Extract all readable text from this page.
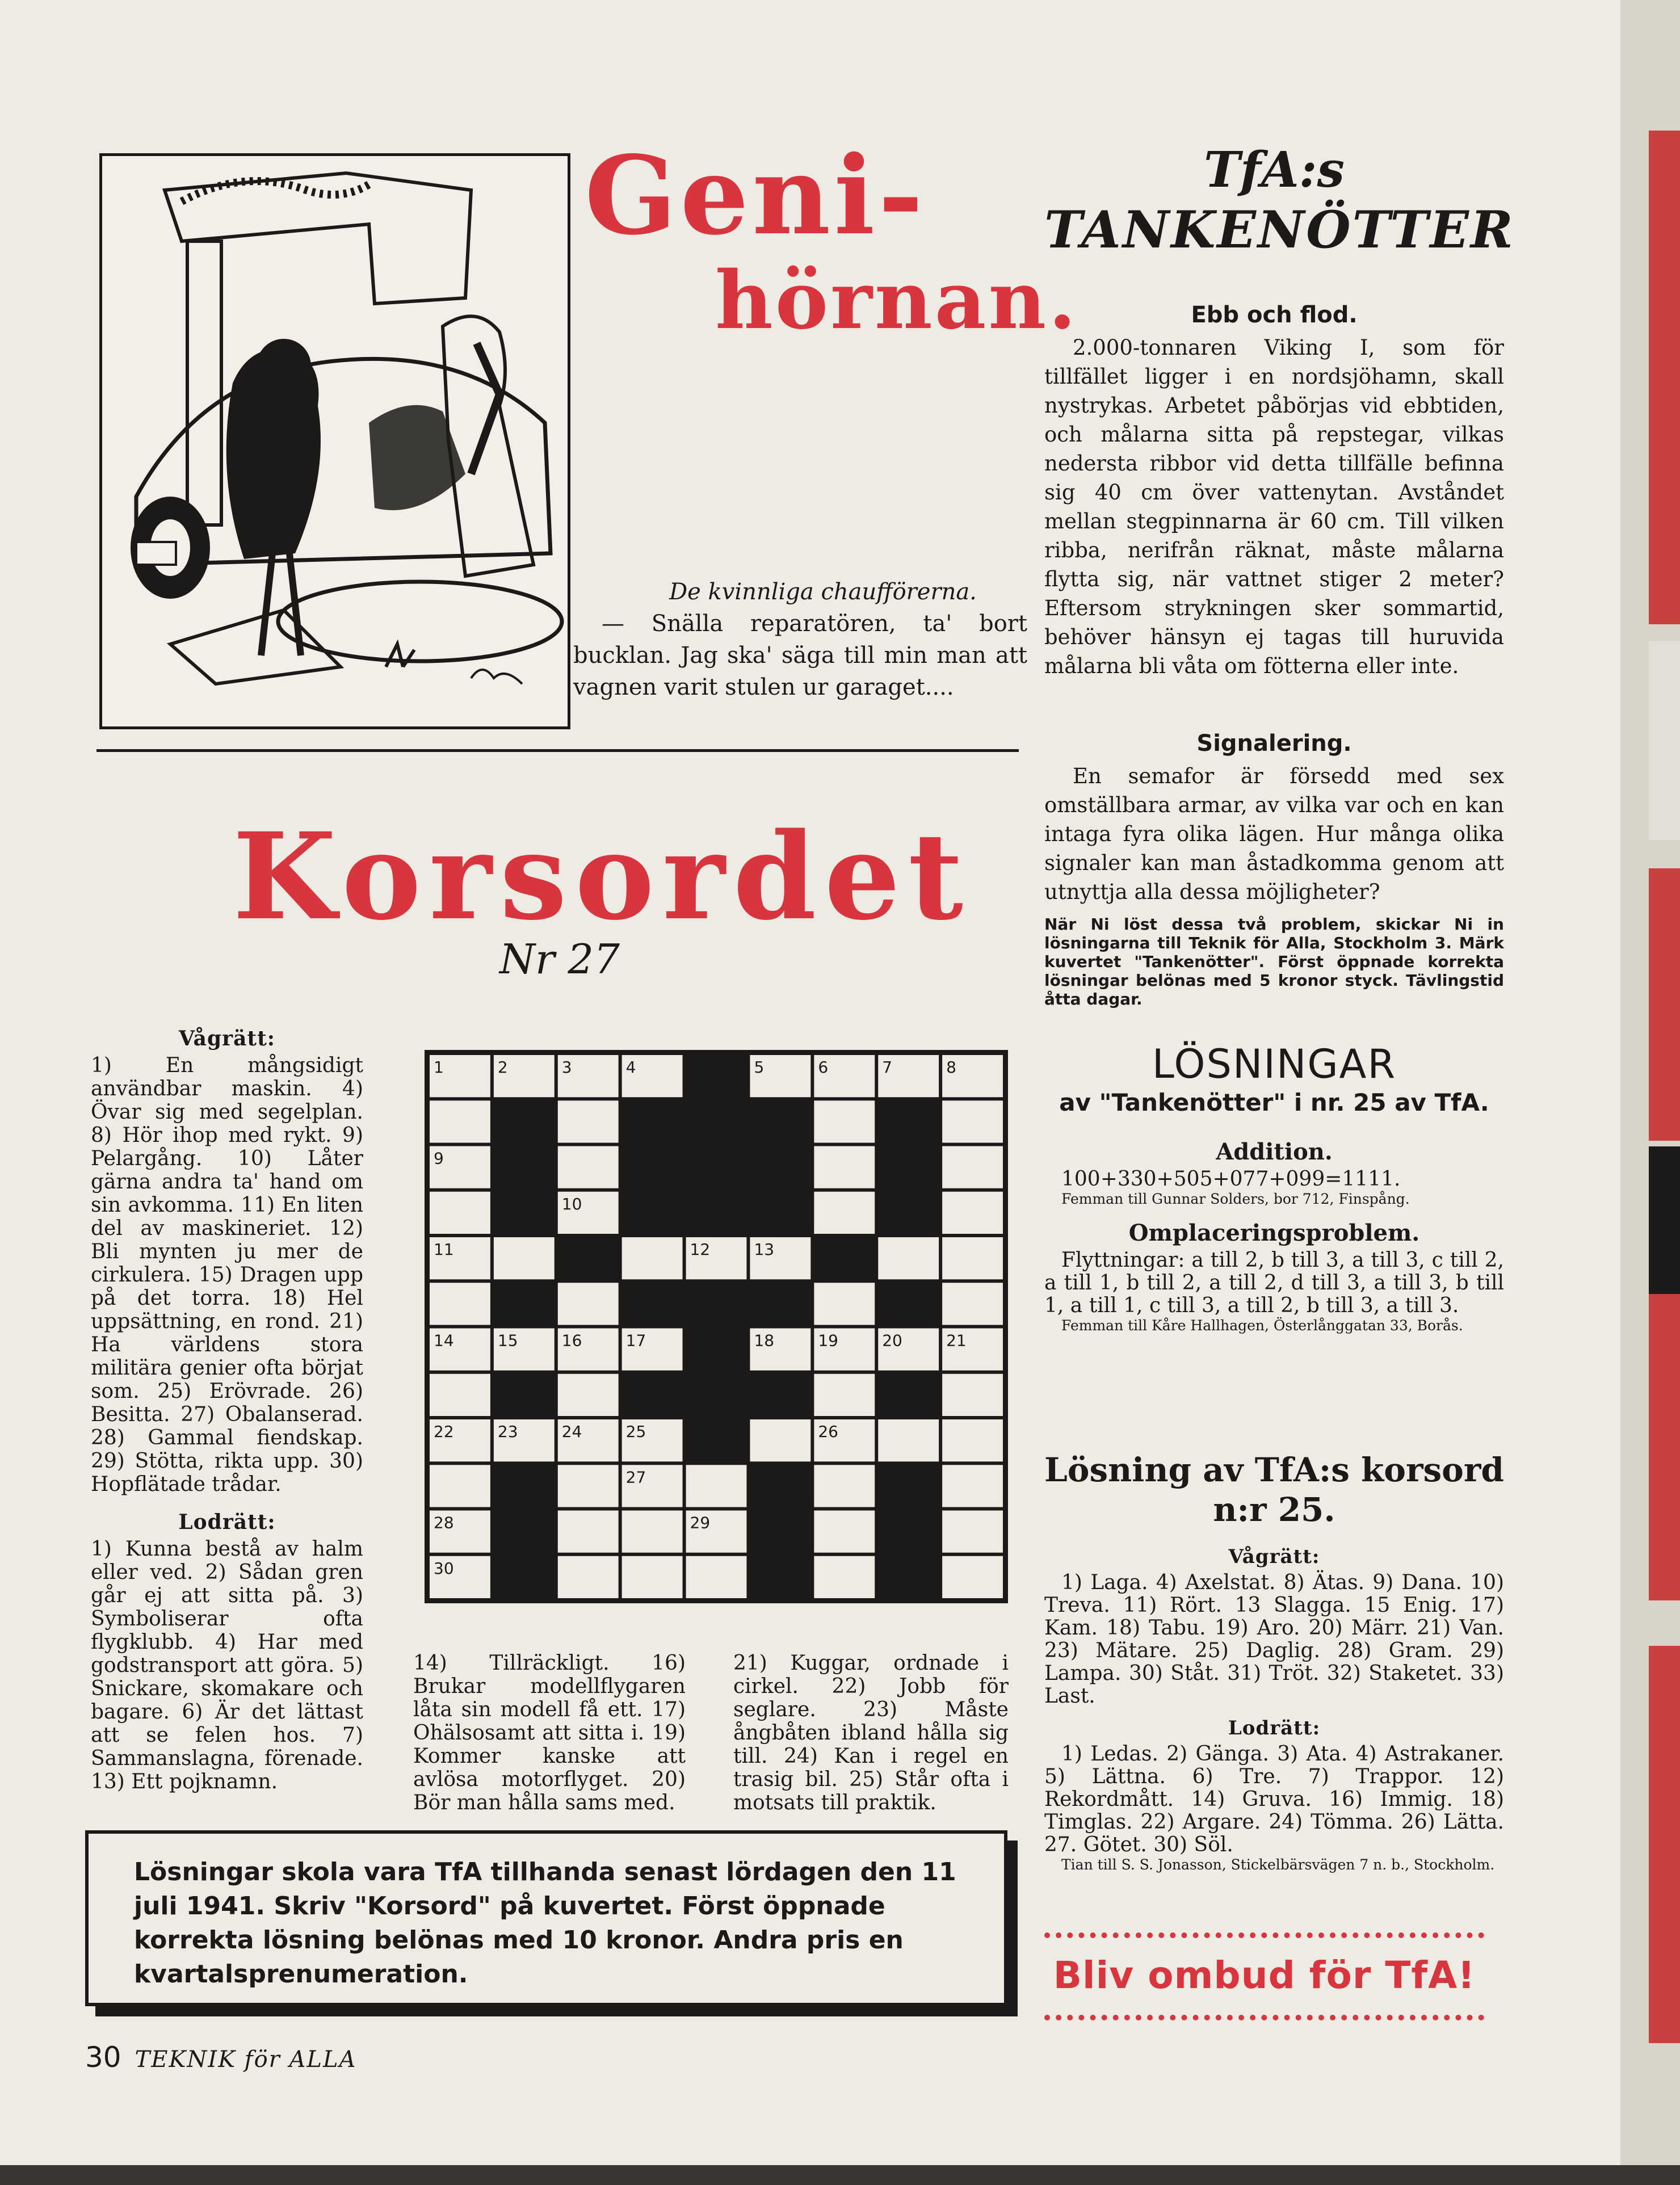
Geni-
hörnan.
De kvinnliga chaufförerna.

— Snälla reparatören, ta' bort bucklan. Jag ska' säga till min man att vagnen varit stulen ur garaget....

Korsordet
Nr 27
Vågrätt:

1) En mångsidigt användbar maskin. 4) Övar sig med segelplan. 8) Hör ihop med rykt. 9) Pelargång. 10) Låter gärna andra ta' hand om sin avkomma. 11) En liten del av maskineriet. 12) Bli mynten ju mer de cirkulera. 15) Dragen upp på det torra. 18) Hel uppsättning, en rond. 21) Ha världens stora militära genier ofta börjat som. 25) Erövrade. 26) Besitta. 27) Obalanserad. 28) Gammal fiendskap. 29) Stötta, rikta upp. 30) Hopflätade trådar.

Lodrätt:

1) Kunna bestå av halm eller ved. 2) Sådan gren går ej att sitta på. 3) Symboliserar ofta flygklubb. 4) Har med godstransport att göra. 5) Snickare, skomakare och bagare. 6) Är det lättast att se felen hos. 7) Sammanslagna, förenade. 13) Ett pojknamn.

1	2	3	4	5	6	7	8
9
10
11	12	13
14	15	16	17	18	19	20	21
22	23	24	25	26
27
28	29
30
14) Tillräckligt. 16) Brukar modellflygaren låta sin modell få ett. 17) Ohälsosamt att sitta i. 19) Kommer kanske att avlösa motorflyget. 20) Bör man hålla sams med.
21) Kuggar, ordnade i cirkel. 22) Jobb för seglare. 23) Måste ångbåten ibland hålla sig till. 24) Kan i regel en trasig bil. 25) Står ofta i motsats till praktik.
TfA:s
TANKENÖTTER
Ebb och flod.

2.000-tonnaren Viking I, som för tillfället ligger i en nordsjöhamn, skall nystrykas. Arbetet påbörjas vid ebbtiden, och målarna sitta på repstegar, vilkas nedersta ribbor vid detta tillfälle befinna sig 40 cm över vattenytan. Avståndet mellan stegpinnarna är 60 cm. Till vilken ribba, nerifrån räknat, måste målarna flytta sig, när vattnet stiger 2 meter? Eftersom strykningen sker sommartid, behöver hänsyn ej tagas till huruvida målarna bli våta om fötterna eller inte.

Signalering.

En semafor är försedd med sex omställbara armar, av vilka var och en kan intaga fyra olika lägen. Hur många olika signaler kan man åstadkomma genom att utnyttja alla dessa möjligheter?

När Ni löst dessa två problem, skickar Ni in lösningarna till Teknik för Alla, Stockholm 3. Märk kuvertet "Tankenötter". Först öppnade korrekta lösningar belönas med 5 kronor styck. Tävlingstid åtta dagar.
LÖSNINGAR
av "Tankenötter" i nr. 25 av TfA.
Addition.

100+330+505+077+099=1111.

Femman till Gunnar Solders, bor 712, Finspång.

Omplaceringsproblem.

Flyttningar: a till 2, b till 3, a till 3, c till 2, a till 1, b till 2, a till 2, d till 3, a till 3, b till 1, a till 1, c till 3, a till 2, b till 3, a till 3.

Femman till Kåre Hallhagen, Österlånggatan 33, Borås.

Lösning av TfA:s korsord n:r 25.
Vågrätt:

1) Laga. 4) Axelstat. 8) Ätas. 9) Dana. 10) Treva. 11) Rört. 13 Slagga. 15 Enig. 17) Kam. 18) Tabu. 19) Aro. 20) Märr. 21) Van. 23) Mätare. 25) Daglig. 28) Gram. 29) Lampa. 30) Ståt. 31) Tröt. 32) Staketet. 33) Last.

Lodrätt:

1) Ledas. 2) Gänga. 3) Ata. 4) Astrakaner. 5) Lättna. 6) Tre. 7) Trappor. 12) Rekordmått. 14) Gruva. 16) Immig. 18) Timglas. 22) Argare. 24) Tömma. 26) Lätta. 27. Götet. 30) Söl.

Tian till S. S. Jonasson, Stickelbärsvägen 7 n. b., Stockholm.

Bliv ombud för TfA!
Lösningar skola vara TfA tillhanda senast lördagen den 11 juli 1941. Skriv "Korsord" på kuvertet. Först öppnade korrekta lösning belönas med 10 kronor. Andra pris en kvartalsprenumeration.
30 TEKNIK för ALLA
